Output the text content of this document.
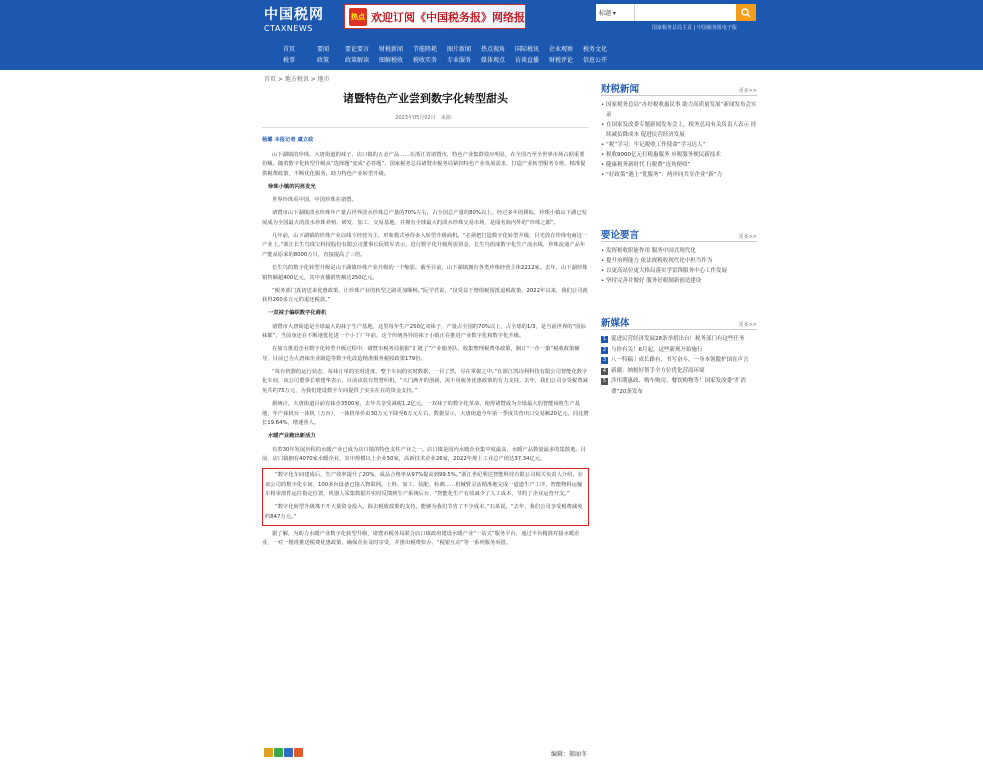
中国税网
CTAXNEWS
热点 欢迎订阅《中国税务报》网络报	标题 ▾
国家税务总局主页 | 中国税务报电子版
首页	要闻	要论要言	财税新闻	节能降耗	图片新闻	热点视角	国际税讯	企业观察	税务文化
税事	政策	政策解读	图解税收	税收实务	专业服务	媒体观点	访谈直播	财税评论	信息公开
首页 > 地方税讯 > 地市
诸暨特色产业尝到数字化转型甜头
2023年05月02日　来源：

杨璐 本报记者 虞立政

山下湖镇的珍珠、大唐街道的袜子、店口镇的五金产品……在浙江省诸暨市，特色产业集群效应明显，在全国乃至全世界市场占据重要份额。随着数字化转型升级从“选择题”变成“必答题”，国家税务总局诸暨市税务局紧扣特色产业发展需求，打造产业转型服务专班，精准提供税费政策，不断优化服务，助力特色产业转型升级。

珍珠小镇的闪亮发光

世界珍珠看中国，中国珍珠在诸暨。

诸暨市山下湖镇淡水珍珠年产量占世界淡水珍珠总产量的70%左右，占全国总产量的80%以上。经过多年的耕耘，珍珠小镇山下湖已发展成为全国最大的淡水珍珠养殖、研发、加工、交易基地，并拥有全球最大的淡水珍珠交易市场，是闻名海内外的“珍珠之都”。

几年前，山下湖镇的珍珠产业以线下经营为主，形象模式亟待多入转型升级商机。“必须把打造数字化转型升级，目光放在珍珠电商这一产业上。”浙江长生鸟珠宝科技股份有限公司董事长阮铁军表示，进行数字化升级所需资金，长生鸟组成数字化生产流水线，珍珠流通产品年产能从原来的8000万只，直接提高了三倍。

长生鸟的数字化转型升级是山下湖镇珍珠产业升级的一个缩影。截至目前，山下湖镇拥有各类珍珠经营主体2212家。去年，山下湖珍珠销售额超400亿元，其中直播销售额达250亿元。

“税务部门真切送来优惠政策，让珍珠产业的转型之路更加顺畅。”阮学君说，“仅受益于增值税留抵退税政策，2022年以来，我们公司就获得260多万元的退还税款。”

一双袜子编织数字化商机

诸暨市大唐街道是全球最大的袜子生产基地，这里每年生产250亿双袜子，产量占全国的70%以上，占全球的1/3，是当前世界的“国际袜都”，当前身还在不断地优化进一个小丁厂年前，这个传统各异的袜子小镇正在推进产业数字化和数字化升级。

在加力推进企业数字化转型升级过程中，诸暨市税务局依据“汇链了”产业服务队，收集整理税费单政策，制订“一企一策”税收政策辅导，目前已为大唐袜企业制造等数字化改造精准服务税收政策179份。

“每台机器的运行状态、每袜订单的实时进度、整个车间的实时数据，一目了然，尽在掌握之中。”在浙江凯诗利科技有限公司智能化数字化车间，该公司董事长蔡建华表示，目前该装有智慧织机、“大门满开的创新，需不用税务优惠政策的有力支持。去年，我们公司享受税费减免共约75万元，为我们建设数字车间提供了实实在在的资金支持。”

据统计，大唐街道目前有袜企3500家，去年共享受减税1.2亿元。一双袜子的数字化革命，使得诸暨成为全球最大的智能袜机生产基地，年产袜机台一体机（万台）、一体机单价由30万元下降至6万元左右。数据显示，大唐街道今年第一季度共营出口交易额20亿元，同比增长19.64%，增速喜人。

水暖产业跑出新活力

有着30年发展历程的水暖产业已成为店口镇的特色支柱产业之一。店口镇是国内水暖企业集中度最高、水暖产品数量最多的集散地。目前，店口镇拥有4070家水暖企业，其中规模以上企业50家，高新技术企业26家，2022年规上工业总产值达37.34亿元。

“数字化车间建成后，生产效率提升了20%，成品合格率从97%提高到99.5%。”浙江世纪利达智能科技有限公司相关负责人介绍。在该公司的数字化车间，100多台设备已接入物联网。上料、加工、装配、检测……机械臂灵活精准地完成一道道生产工序，智能物料运输车将零部件运往指定位置，机器人采集数据并实时反馈到生产系统后台，“智能化生产有效减少了人工成本，节约了企业运营开支。”

“数字化转型升级离不开大量资金投入，除去税收政策的支持，能够为我们节省了不少成本。”石某说，“去年，我们公司享受税费减免约847万元。”

据了解，为助力水暖产业数字化转型升级，诸暨市税务局联合店口镇政府建设水暖产业“一站式”服务平台，通过平台精准对接水暖企业，一对一精准推送税费优惠政策，确保企业及时享受，并推出税费快办、“税银互动”等一系列服务举措。

编辑：郝丽冬
财税新闻	更多>>
• 国家税务总局“办好税收惠民事 助力高质量发展”新闻发布会实录
• 在国家发改委专题新闻发布会上，税务总局有关负责人表示 持续减负降成本 促进民营经济发展
• “税”学习：牢记税收工作使命“学习达人”
• 税收9000亿元打税惠服务 应税服务便民新技术
• 健康税务新时代 行税费“连角便收”
• “好政策”遇上“优服务”：两岸同共享企业“新”力
要论要言	更多>>
• 发挥税收职能作用 服务中国式现代化
• 提升治理能力 依法规税收现代化中担当作为
• 以更高站位更大格局落实学雷锋服务中心工作发展
• 坚持完善并做好 服务好税制新创造建设
新媒体	更多>>
1 促进民营经济发展28条举措出台！税务部门有这些任务
2 与你有关！6月起，这些新规开始施行
3 八一特稿｜成长路有，书写奋斗，一身本领傲护国在声言
4 新疆：纳税好帮手全方位优化营商环境
5 涉伟期惠政、购车购房、餐饮购物等！国家发改委“扩消费”20条发布
